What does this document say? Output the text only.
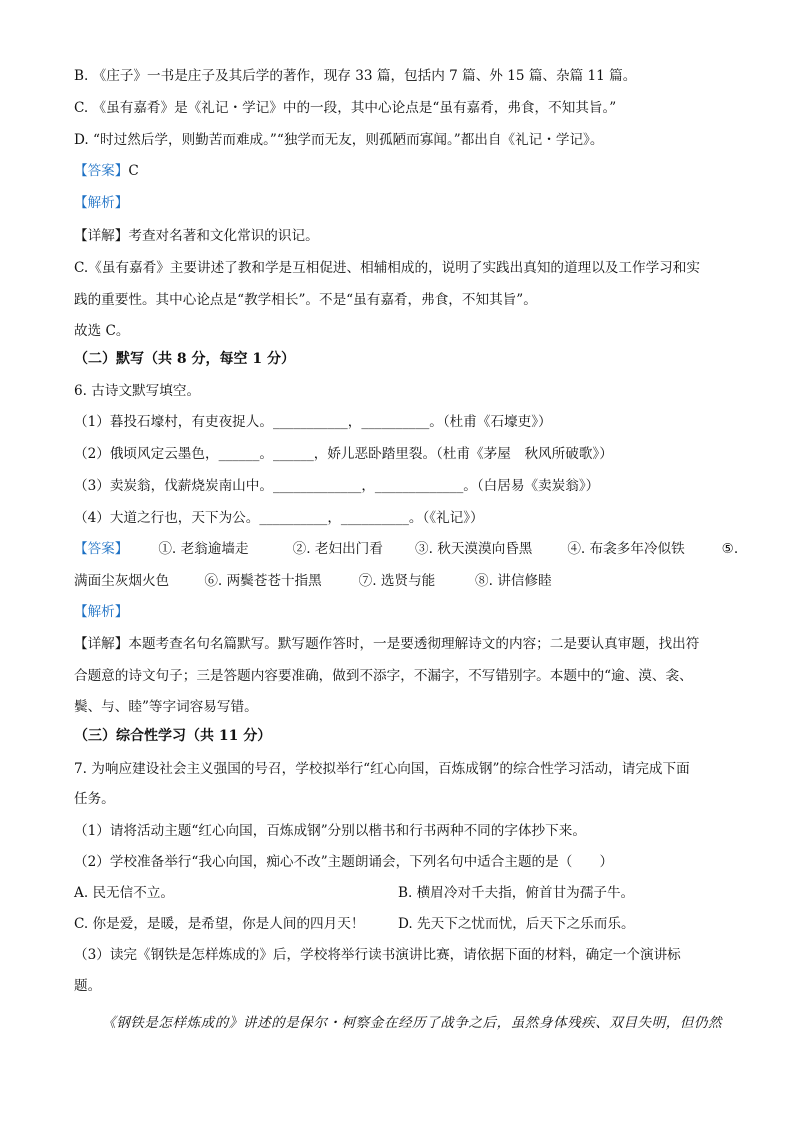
B. 《庄子》一书是庄子及其后学的著作，现存 33 篇，包括内 7 篇、外 15 篇、杂篇 11 篇。
C. 《虽有嘉肴》是《礼记・学记》中的一段，其中心论点是“虽有嘉肴，弗食，不知其旨。”
D. “时过然后学，则勤苦而难成。”“独学而无友，则孤陋而寡闻。”都出自《礼记・学记》。
【答案】C
【解析】
【详解】考查对名著和文化常识的识记。
C.《虽有嘉肴》主要讲述了教和学是互相促进、相辅相成的，说明了实践出真知的道理以及工作学习和实
践的重要性。其中心论点是“教学相长”。不是“虽有嘉肴，弗食，不知其旨”。
故选 C。
（二）默写（共 8 分，每空 1 分）
6. 古诗文默写填空。
（1）暮投石壕村，有吏夜捉人。___________，__________。（杜甫《石壕吏》）
（2）俄顷风定云墨色，______。______，娇儿恶卧踏里裂。（杜甫《茅屋　秋风所破歌》）
（3）卖炭翁，伐薪烧炭南山中。_____________，_____________。（白居易《卖炭翁》）
（4）大道之行也，天下为公。__________，__________。（《礼记》）
【答案】 ①. 老翁逾墙走	②. 老妇出门看 ③. 秋天漠漠向昏黑	④. 布衾多年冷似铁	⑤.
满面尘灰烟火色	⑥. 两鬓苍苍十指黑	⑦. 选贤与能	⑧. 讲信修睦
【解析】
【详解】本题考查名句名篇默写。默写题作答时，一是要透彻理解诗文的内容；二是要认真审题，找出符
合题意的诗文句子；三是答题内容要准确，做到不添字，不漏字，不写错别字。本题中的“逾、漠、衾、
鬓、与、睦”等字词容易写错。
（三）综合性学习（共 11 分）
7. 为响应建设社会主义强国的号召，学校拟举行“红心向国，百炼成钢”的综合性学习活动，请完成下面
任务。
（1）请将活动主题“红心向国，百炼成钢”分别以楷书和行书两种不同的字体抄下来。
（2）学校准备举行“我心向国，痴心不改”主题朗诵会，下列名句中适合主题的是（　　）
A. 民无信不立。	B. 横眉冷对千夫指，俯首甘为孺子牛。
C. 你是爱，是暖，是希望，你是人间的四月天！ D. 先天下之忧而忧，后天下之乐而乐。
（3）读完《钢铁是怎样炼成的》后，学校将举行读书演讲比赛，请依据下面的材料，确定一个演讲标
题。
《钢铁是怎样炼成的》讲述的是保尔・柯察金在经历了战争之后，虽然身体残疾、双目失明，但仍然
